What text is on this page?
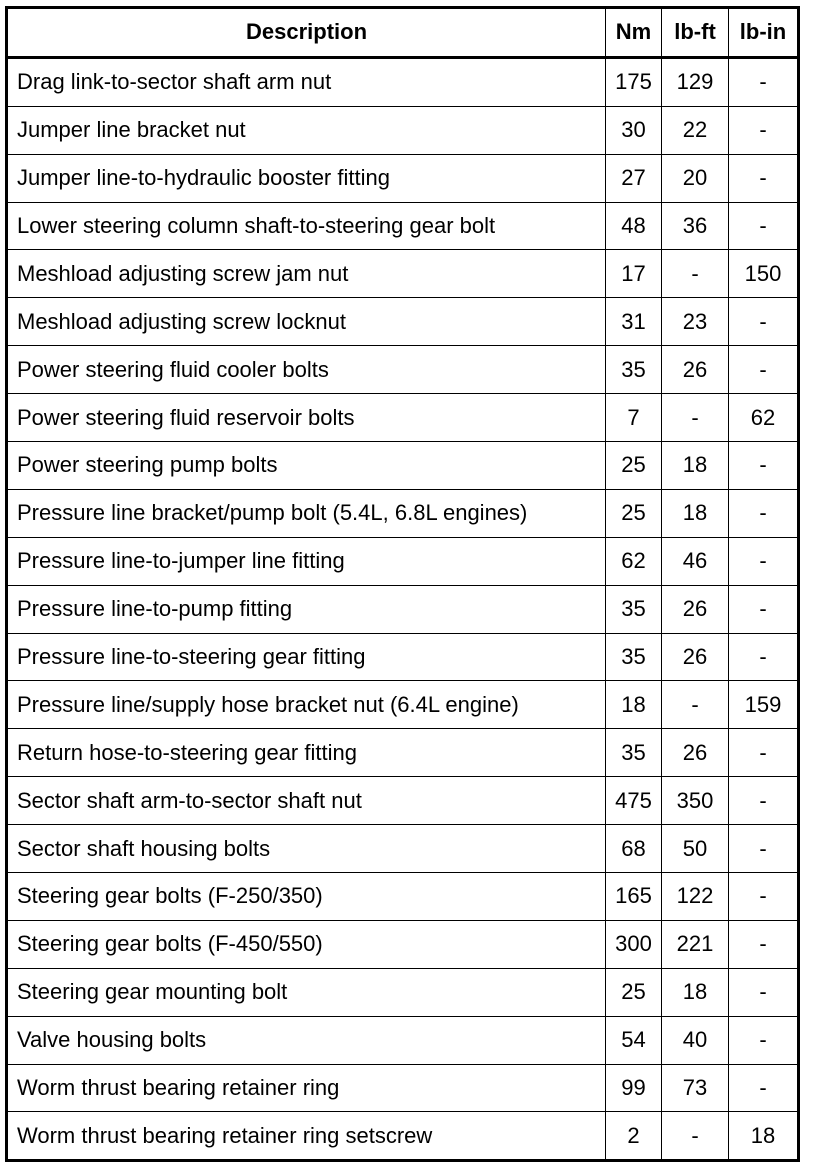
Description	Nm	lb-ft	lb-in
Drag link-to-sector shaft arm nut	175	129	-
Jumper line bracket nut	30	22	-
Jumper line-to-hydraulic booster fitting	27	20	-
Lower steering column shaft-to-steering gear bolt	48	36	-
Meshload adjusting screw jam nut	17	-	150
Meshload adjusting screw locknut	31	23	-
Power steering fluid cooler bolts	35	26	-
Power steering fluid reservoir bolts	7	-	62
Power steering pump bolts	25	18	-
Pressure line bracket/pump bolt (5.4L, 6.8L engines)	25	18	-
Pressure line-to-jumper line fitting	62	46	-
Pressure line-to-pump fitting	35	26	-
Pressure line-to-steering gear fitting	35	26	-
Pressure line/supply hose bracket nut (6.4L engine)	18	-	159
Return hose-to-steering gear fitting	35	26	-
Sector shaft arm-to-sector shaft nut	475	350	-
Sector shaft housing bolts	68	50	-
Steering gear bolts (F-250/350)	165	122	-
Steering gear bolts (F-450/550)	300	221	-
Steering gear mounting bolt	25	18	-
Valve housing bolts	54	40	-
Worm thrust bearing retainer ring	99	73	-
Worm thrust bearing retainer ring setscrew	2	-	18
